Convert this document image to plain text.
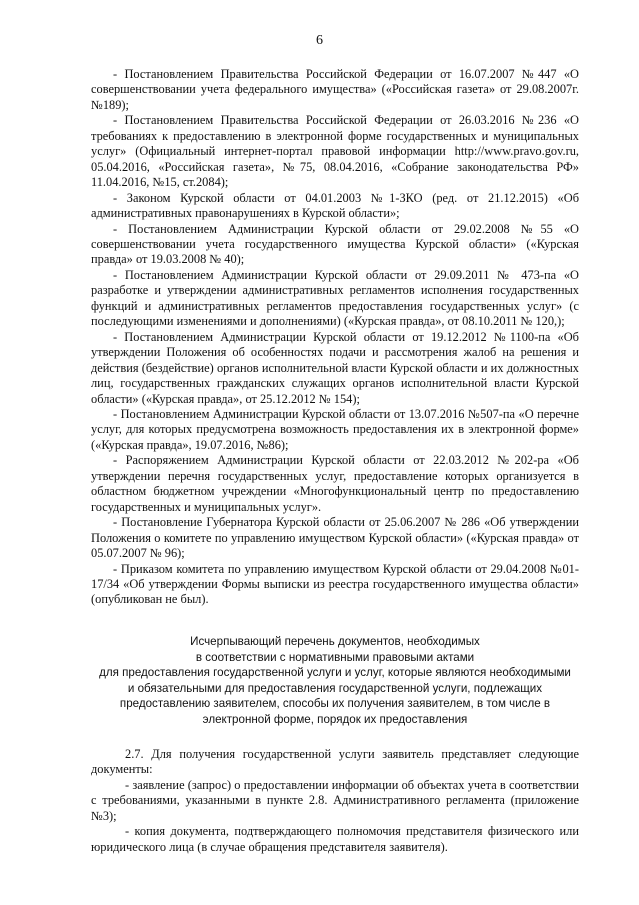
6

- Постановлением Правительства Российской Федерации от 16.07.2007 №447 «О совершенствовании учета федерального имущества» («Российская газета» от 29.08.2007г. №189);

- Постановлением Правительства Российской Федерации от 26.03.2016 №236 «О требованиях к предоставлению в электронной форме государственных и муниципальных услуг» (Официальный интернет-портал правовой информации http://www.pravo.gov.ru, 05.04.2016, «Российская газета», №75, 08.04.2016, «Собрание законодательства РФ» 11.04.2016, №15, ст.2084);

- Законом Курской области от 04.01.2003 №1-ЗКО (ред. от 21.12.2015) «Об административных правонарушениях в Курской области»;

- Постановлением Администрации Курской области от 29.02.2008 №55 «О совершенствовании учета государственного имущества Курской области» («Курская правда» от 19.03.2008 № 40);

- Постановлением Администрации Курской области от 29.09.2011 № 473-па «О разработке и утверждении административных регламентов исполнения государственных функций и административных регламентов предоставления государственных услуг» (с последующими изменениями и дополнениями) («Курская правда», от 08.10.2011 № 120,);

- Постановлением Администрации Курской области от 19.12.2012 №1100-па «Об утверждении Положения об особенностях подачи и рассмотрения жалоб на решения и действия (бездействие) органов исполнительной власти Курской области и их должностных лиц, государственных гражданских служащих органов исполнительной власти Курской области» («Курская правда», от 25.12.2012 № 154);

- Постановлением Администрации Курской области от 13.07.2016 №507-па «О перечне услуг, для которых предусмотрена возможность предоставления их в электронной форме» («Курская правда», 19.07.2016, №86);

- Распоряжением Администрации Курской области от 22.03.2012 №202-ра «Об утверждении перечня государственных услуг, предоставление которых организуется в областном бюджетном учреждении «Многофункциональный центр по предоставлению государственных и муниципальных услуг».

- Постановление Губернатора Курской области от 25.06.2007 № 286 «Об утверждении Положения о комитете по управлению имуществом Курской области» («Курская правда» от 05.07.2007 № 96);

- Приказом комитета по управлению имуществом Курской области от 29.04.2008 №01-17/34 «Об утверждении Формы выписки из реестра государственного имущества области» (опубликован не был).

Исчерпывающий перечень документов, необходимых
в соответствии с нормативными правовыми актами
для предоставления государственной услуги и услуг, которые являются необходимыми
и обязательными для предоставления государственной услуги, подлежащих
предоставлению заявителем, способы их получения заявителем, в том числе в
электронной форме, порядок их предоставления

2.7. Для получения государственной услуги заявитель представляет следующие документы:

- заявление (запрос) о предоставлении информации об объектах учета в соответствии с требованиями, указанными в пункте 2.8. Административного регламента (приложение №3);

- копия документа, подтверждающего полномочия представителя физического или юридического лица (в случае обращения представителя заявителя).
